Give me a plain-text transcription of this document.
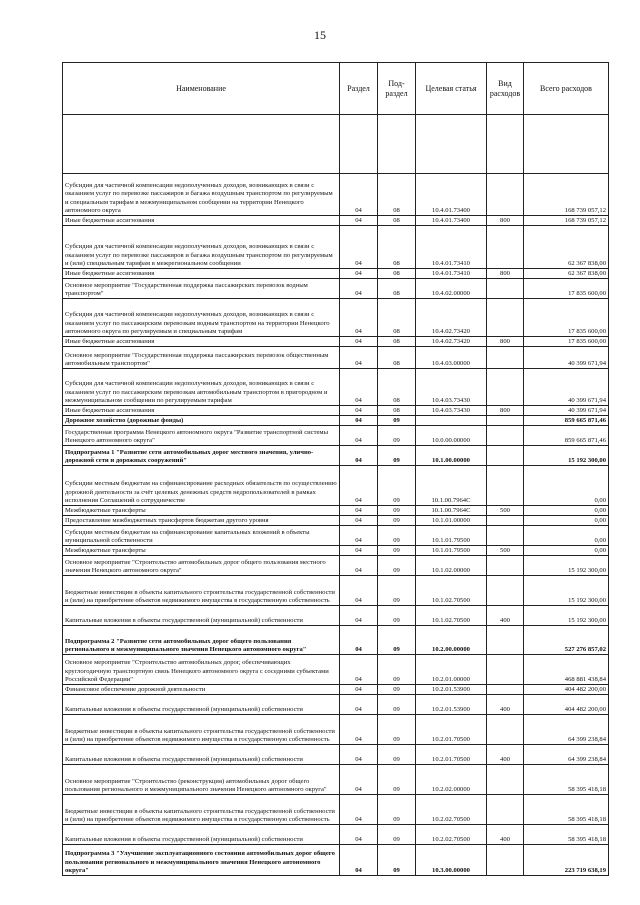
15
Наименование	Раздел	Под-раздел	Целевая статья	Вид расходов	Всего расходов

Субсидия для частичной компенсации недополученных доходов, возникающих в связи с оказанием услуг по перевозке пассажиров и багажа воздушным транспортом по регулируемым и специальным тарифам в межмуниципальном сообщении на территории Ненецкого автономного округа	04	08	10.4.01.73400		168 739 057,12
Иные бюджетные ассигнования	04	08	10.4.01.73400	800	168 739 057,12
Субсидия для частичной компенсации недополученных доходов, возникающих в связи с оказанием услуг по перевозке пассажиров и багажа воздушным транспортом по регулируемым и (или) специальным тарифам в межрегиональном сообщении	04	08	10.4.01.73410		62 367 838,00
Иные бюджетные ассигнования	04	08	10.4.01.73410	800	62 367 838,00
Основное мероприятие "Государственная поддержка пассажирских перевозок водным транспортом"	04	08	10.4.02.00000		17 835 600,00
Субсидия для частичной компенсации недополученных доходов, возникающих в связи с оказанием услуг по пассажирским перевозкам водным транспортом на территории Ненецкого автономного округа по регулируемым и специальным тарифам	04	08	10.4.02.73420		17 835 600,00
Иные бюджетные ассигнования	04	08	10.4.02.73420	800	17 835 600,00
Основное мероприятие "Государственная поддержка пассажирских перевозок общественным автомобильным транспортом"	04	08	10.4.03.00000		40 399 671,94
Субсидия для частичной компенсации недополученных доходов, возникающих в связи с оказанием услуг по пассажирским перевозкам автомобильным транспортом в пригородном и межмуниципальном сообщении по регулируемым тарифам	04	08	10.4.03.73430		40 399 671,94
Иные бюджетные ассигнования	04	08	10.4.03.73430	800	40 399 671,94
Дорожное хозяйство (дорожные фонды)	04	09			859 665 871,46
Государственная программа Ненецкого автономного округа "Развитие транспортной системы Ненецкого автономного округа"	04	09	10.0.00.00000		859 665 871,46
Подпрограмма 1 "Развитие сети автомобильных дорог местного значения, улично-дорожной сети и дорожных сооружений"	04	09	10.1.00.00000		15 192 300,00
Субсидии местным бюджетам на софинансирование расходных обязательств по осуществлению дорожной деятельности за счёт целевых денежных средств недропользователей в рамках исполнения Соглашений о сотрудничестве	04	09	10.1.00.7964С		0,00
Межбюджетные трансферты	04	09	10.1.00.7964С	500	0,00
Предоставление межбюджетных трансфертов бюджетам другого уровня	04	09	10.1.01.00000		0,00
Субсидии местным бюджетам на софинансирование капитальных вложений в объекты муниципальной собственности	04	09	10.1.01.79500		0,00
Межбюджетные трансферты	04	09	10.1.01.79500	500	0,00
Основное мероприятие "Строительство автомобильных дорог общего пользования местного значения Ненецкого автономного округа"	04	09	10.1.02.00000		15 192 300,00
Бюджетные инвестиции в объекты капитального строительства государственной собственности и (или) на приобретение объектов недвижимого имущества в государственную собственность	04	09	10.1.02.70500		15 192 300,00
Капитальные вложения в объекты государственной (муниципальной) собственности	04	09	10.1.02.70500	400	15 192 300,00
Подпрограмма 2 "Развитие сети автомобильных дорог общего пользования регионального и межмуниципального значения Ненецкого автономного округа"	04	09	10.2.00.00000		527 276 857,02
Основное мероприятие "Строительство автомобильных дорог, обеспечивающих круглогодичную транспортную связь Ненецкого автономного округа с соседними субъектами Российской Федерации"	04	09	10.2.01.00000		468 881 438,84
Финансовое обеспечение дорожной деятельности	04	09	10.2.01.53900		404 482 200,00
Капитальные вложения в объекты государственной (муниципальной) собственности	04	09	10.2.01.53900	400	404 482 200,00
Бюджетные инвестиции в объекты капитального строительства государственной собственности и (или) на приобретение объектов недвижимого имущества в государственную собственность	04	09	10.2.01.70500		64 399 238,84
Капитальные вложения в объекты государственной (муниципальной) собственности	04	09	10.2.01.70500	400	64 399 238,84
Основное мероприятие "Строительство (реконструкция) автомобильных дорог общего пользования регионального и межмуниципального значения Ненецкого автономного округа"	04	09	10.2.02.00000		58 395 418,18
Бюджетные инвестиции в объекты капитального строительства государственной собственности и (или) на приобретение объектов недвижимого имущества в государственную собственность	04	09	10.2.02.70500		58 395 418,18
Капитальные вложения в объекты государственной (муниципальной) собственности	04	09	10.2.02.70500	400	58 395 418,18
Подпрограмма 3 "Улучшение эксплуатационного состояния автомобильных дорог общего пользования регионального и межмуниципального значения Ненецкого автономного округа"	04	09	10.3.00.00000		223 719 638,19
